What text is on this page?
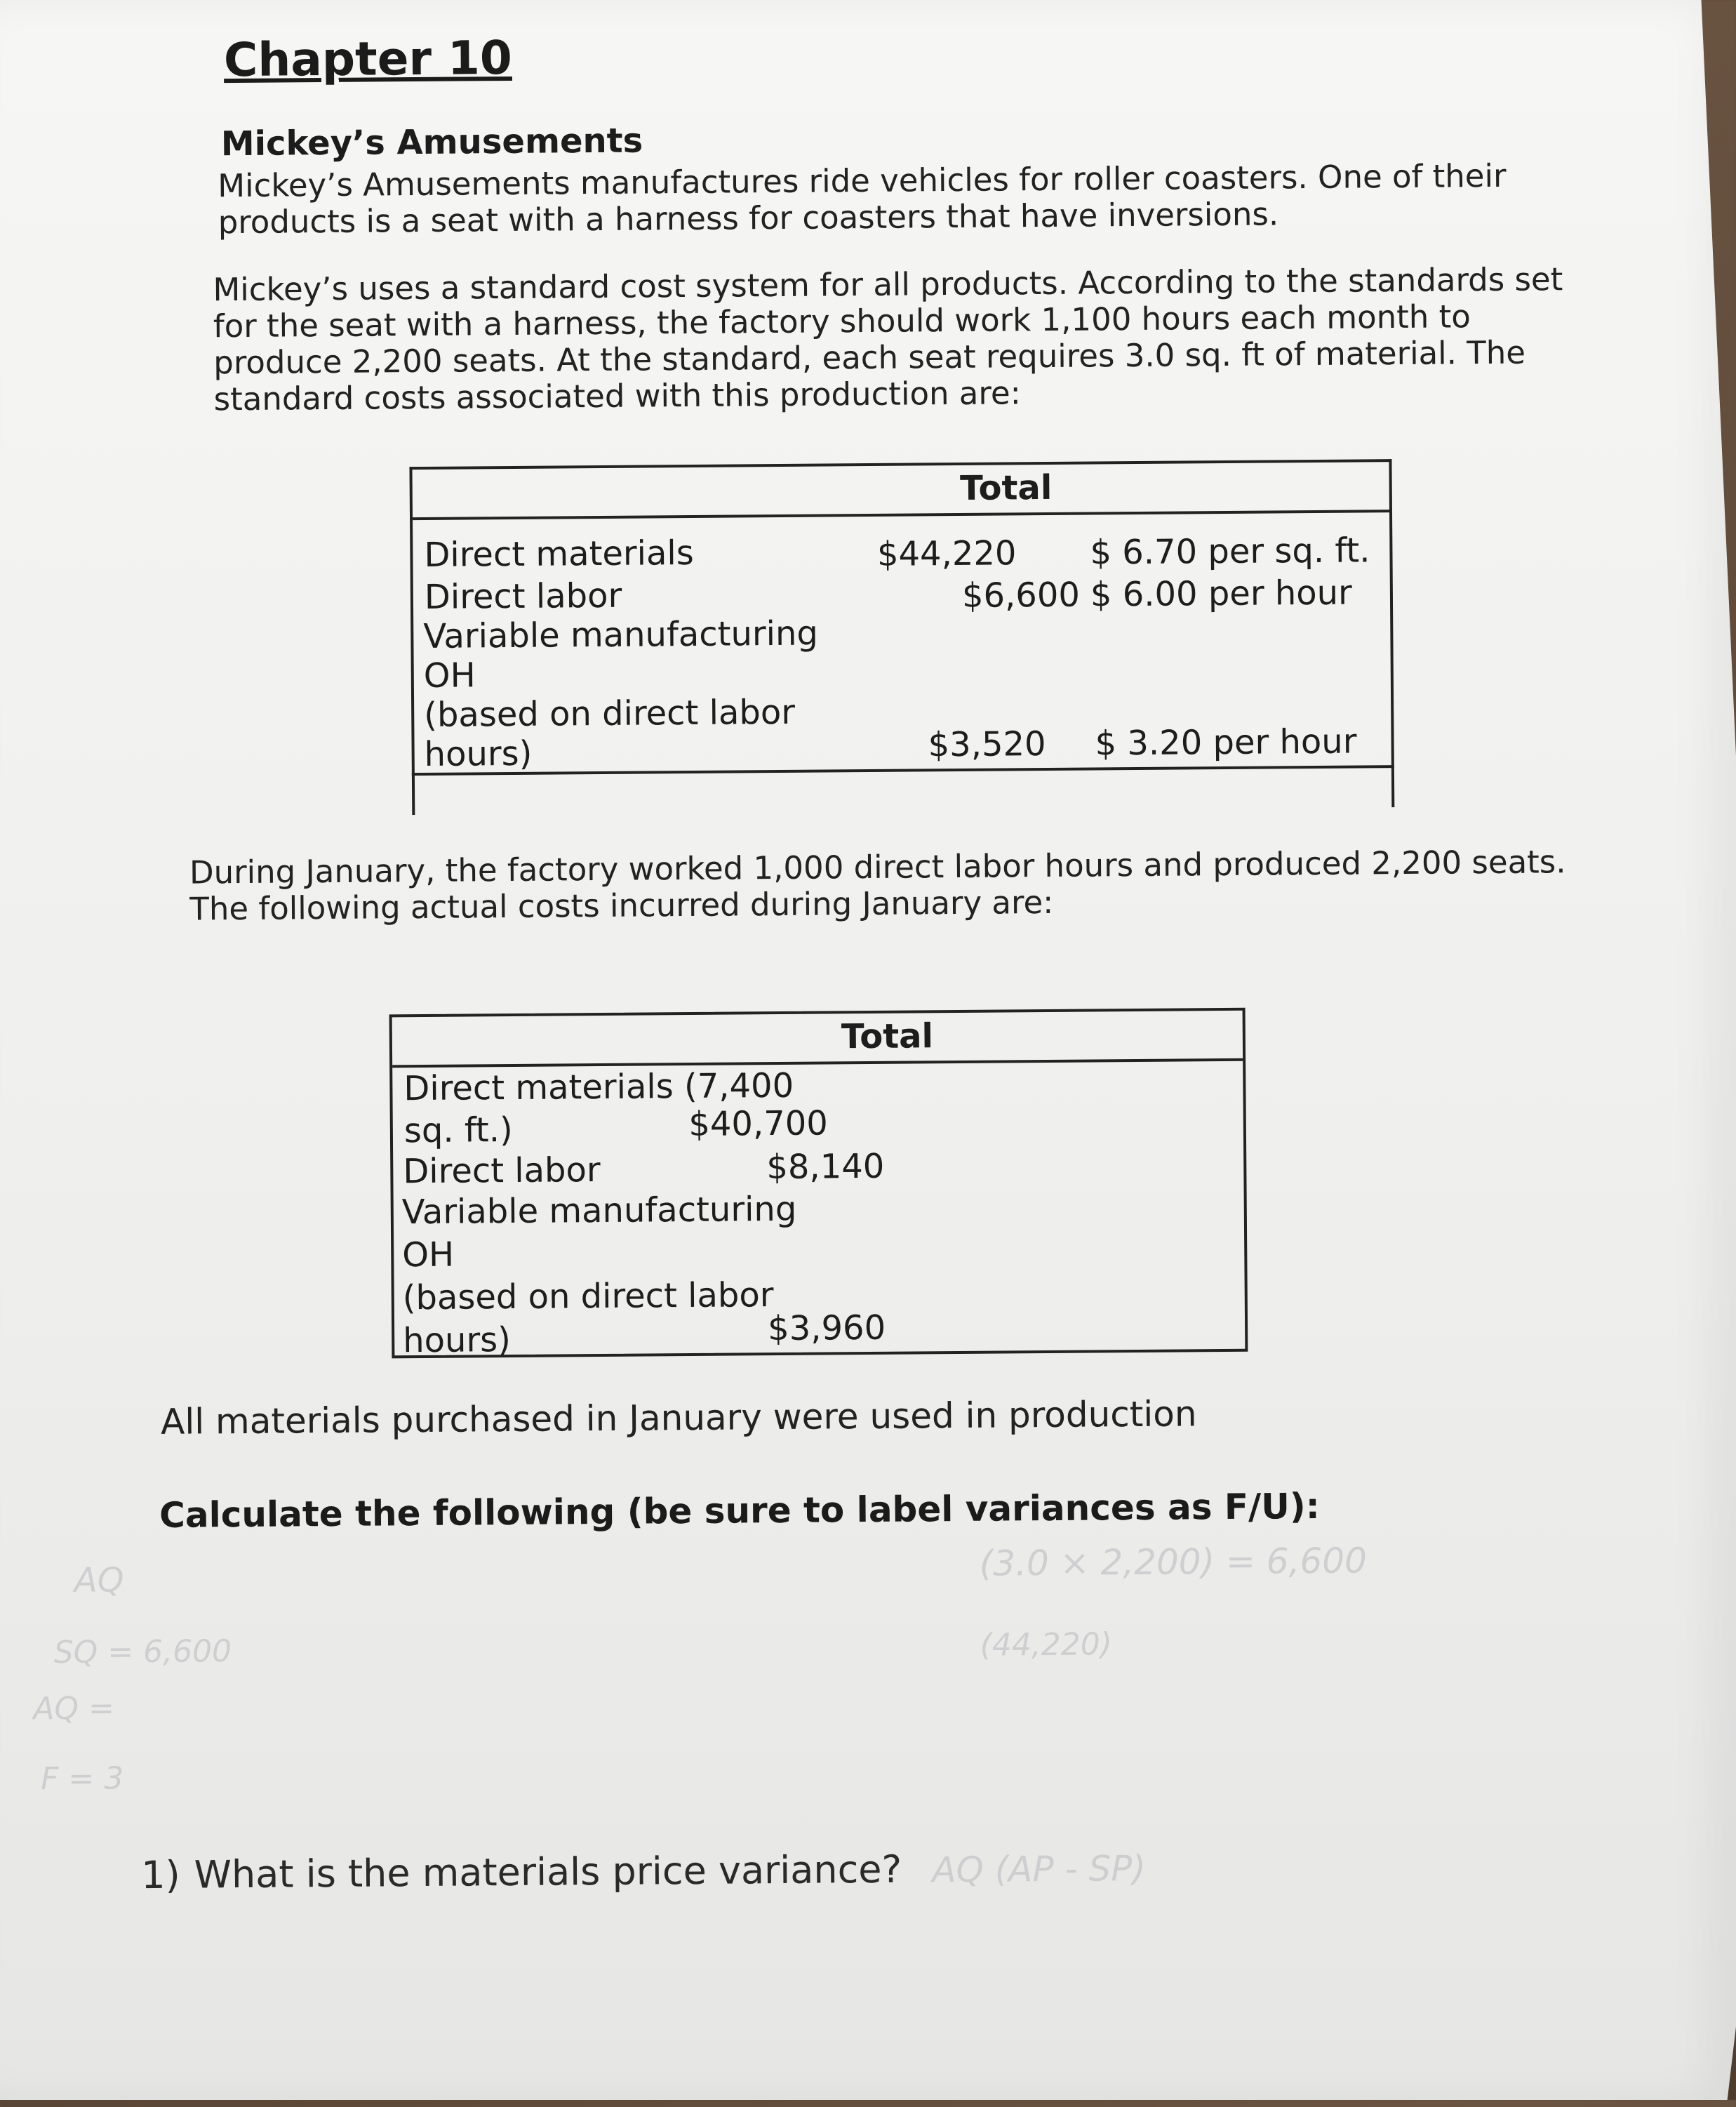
Chapter 10
Mickey’s Amusements
Mickey’s Amusements manufactures ride vehicles for roller coasters. One of their products is a seat with a harness for coasters that have inversions.
Mickey’s uses a standard cost system for all products. According to the standards set for the seat with a harness, the factory should work 1,100 hours each month to produce 2,200 seats. At the standard, each seat requires 3.0 sq. ft of material. The standard costs associated with this production are:
Total
Direct materials	$44,220 $ 6.70 per sq. ft.
Direct labor	$6,600 $ 6.00 per hour
Variable manufacturing
OH
(based on direct labor
hours)	$3,520 $ 3.20 per hour
During January, the factory worked 1,000 direct labor hours and produced 2,200 seats.
The following actual costs incurred during January are:
Total
Direct materials (7,400
sq. ft.)	$40,700
Direct labor	$8,140
Variable manufacturing
OH
(based on direct labor
hours)	$3,960
All materials purchased in January were used in production
Calculate the following (be sure to label variances as F/U):
1) What is the materials price variance? AQ (AP - SP)
(3.0 × 2,200) = 6,600
(44,220)
AQ
SQ = 6,600
AQ =
F = 3
